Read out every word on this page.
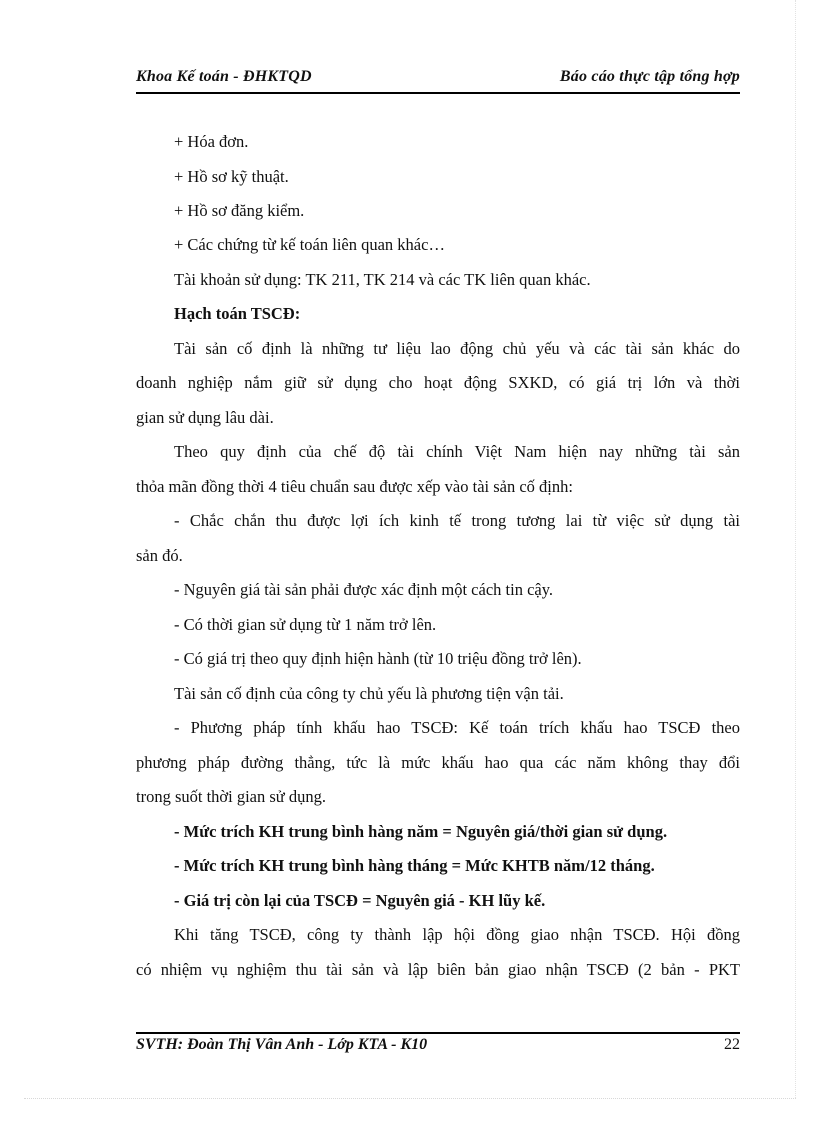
Khoa Kế toán - ĐHKTQD	Báo cáo thực tập tổng hợp
+ Hóa đơn.
+ Hồ sơ kỹ thuật.
+ Hồ sơ đăng kiểm.
+ Các chứng từ kế toán liên quan khác…
Tài khoản sử dụng: TK 211, TK 214 và các TK liên quan khác.
Hạch toán TSCĐ:
Tài sản cố định là những tư liệu lao động chủ yếu và các tài sản khác do
doanh nghiệp nắm giữ sử dụng cho hoạt động SXKD, có giá trị lớn và thời
gian sử dụng lâu dài.
Theo quy định của chế độ tài chính Việt Nam hiện nay những tài sản
thỏa mãn đồng thời 4 tiêu chuẩn sau được xếp vào tài sản cố định:
- Chắc chắn thu được lợi ích kinh tế trong tương lai từ việc sử dụng tài
sản đó.
- Nguyên giá tài sản phải được xác định một cách tin cậy.
- Có thời gian sử dụng từ 1 năm trở lên.
- Có giá trị theo quy định hiện hành (từ 10 triệu đồng trở lên).
Tài sản cố định của công ty chủ yếu là phương tiện vận tải.
- Phương pháp tính khấu hao TSCĐ: Kế toán trích khấu hao TSCĐ theo
phương pháp đường thẳng, tức là mức khấu hao qua các năm không thay đổi
trong suốt thời gian sử dụng.
- Mức trích KH trung bình hàng năm = Nguyên giá/thời gian sử dụng.
- Mức trích KH trung bình hàng tháng = Mức KHTB năm/12 tháng.
- Giá trị còn lại của TSCĐ = Nguyên giá - KH lũy kế.
Khi tăng TSCĐ, công ty thành lập hội đồng giao nhận TSCĐ. Hội đồng
có nhiệm vụ nghiệm thu tài sản và lập biên bản giao nhận TSCĐ (2 bản - PKT
SVTH: Đoàn Thị Vân Anh - Lớp KTA - K10	22
